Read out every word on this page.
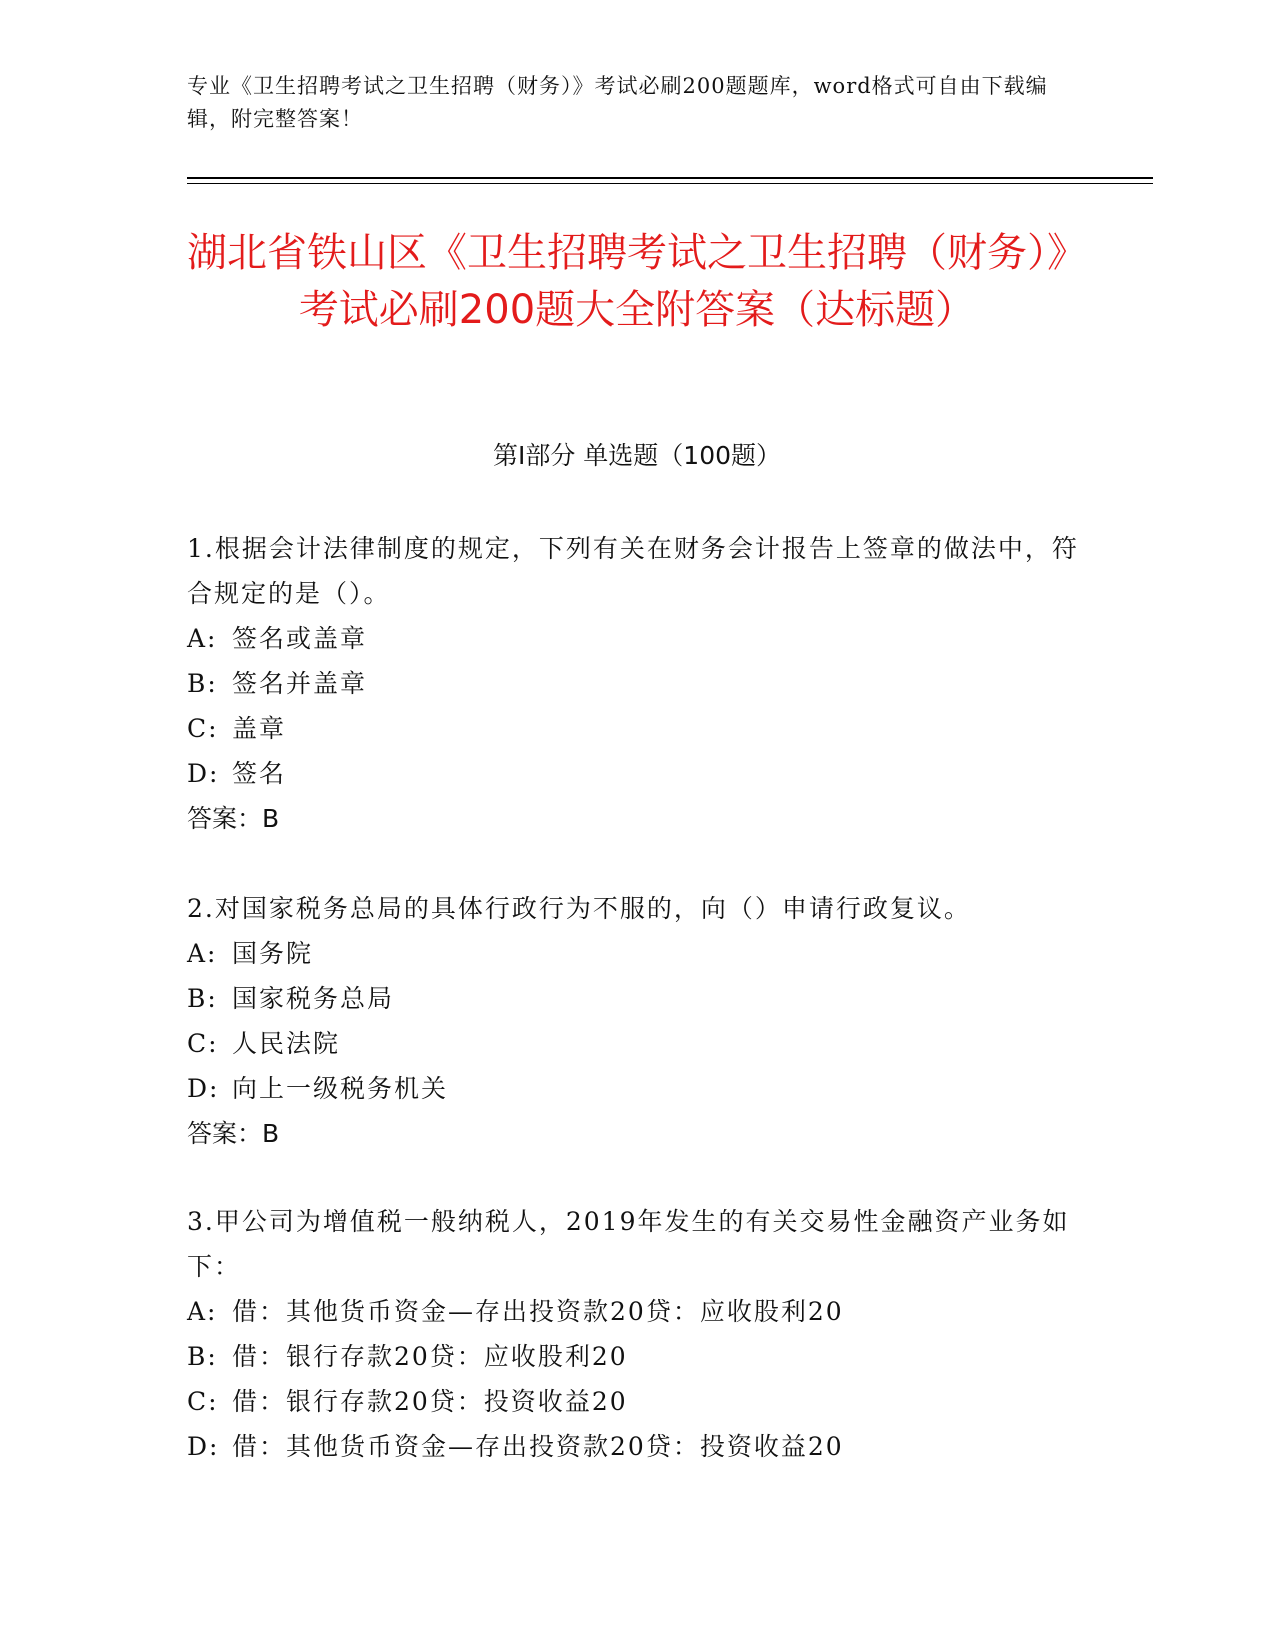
专业《卫生招聘考试之卫生招聘（财务）》考试必刷200题题库，word格式可自由下载编辑，附完整答案！
湖北省铁山区《卫生招聘考试之卫生招聘（财务）》考试必刷200题大全附答案（达标题）
第I部分 单选题（100题）

1.根据会计法律制度的规定，下列有关在财务会计报告上签章的做法中，符合规定的是（）。

A: 签名或盖章

B: 签名并盖章

C: 盖章

D: 签名

答案：B

2.对国家税务总局的具体行政行为不服的，向（）申请行政复议。

A: 国务院

B: 国家税务总局

C: 人民法院

D: 向上一级税务机关

答案：B

3.甲公司为增值税一般纳税人，2019年发生的有关交易性金融资产业务如下：

A: 借：其他货币资金—存出投资款20贷：应收股利20

B: 借：银行存款20贷：应收股利20

C: 借：银行存款20贷：投资收益20

D: 借：其他货币资金—存出投资款20贷：投资收益20
